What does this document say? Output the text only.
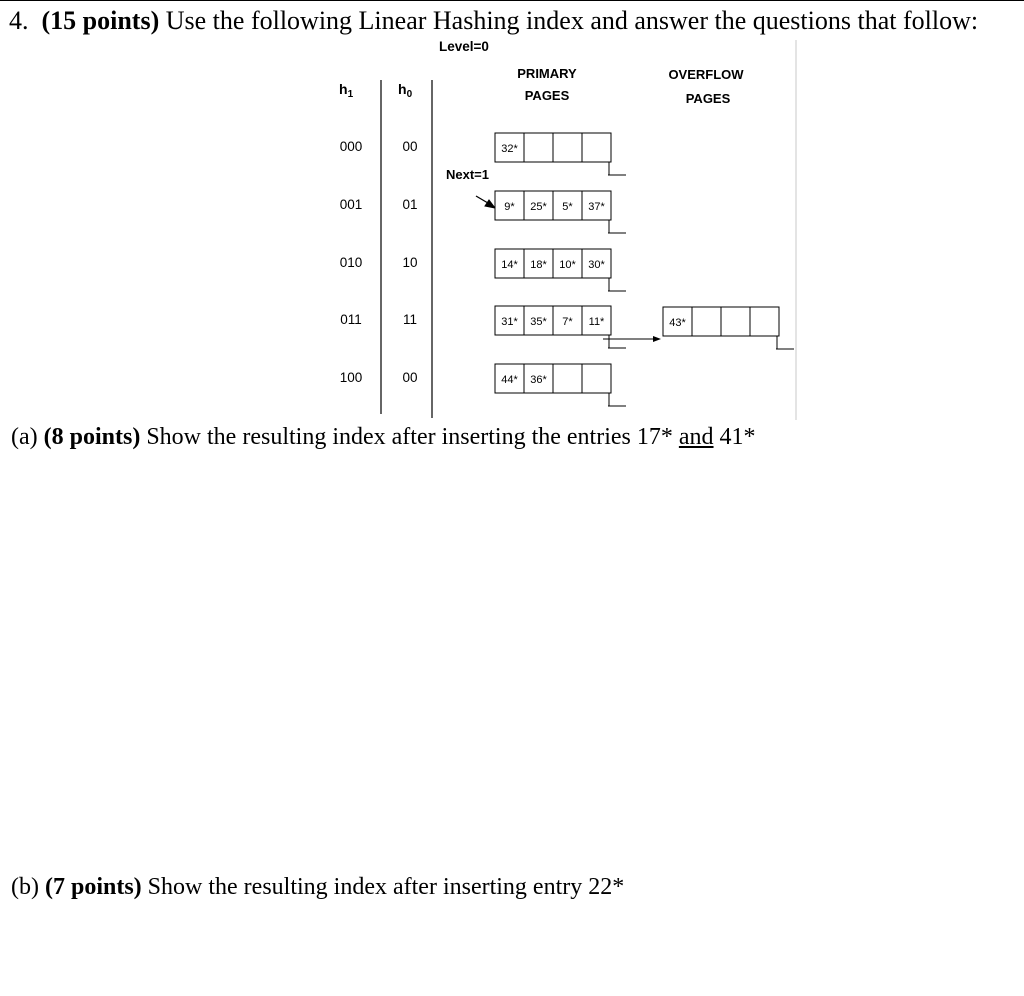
4. (15 points) Use the following Linear Hashing index and answer the questions that follow:
Level=0
$h_1$	$h_0$
PRIMARY
PAGES
OVERFLOW
PAGES
Next=1
000	00	32*
001	01	9* 25* 5* 37*
010	10	14* 18* 10* 30*
011	11	31* 35* 7* 11*	43*
100	00	44* 36*
(a) (8 points) Show the resulting index after inserting the entries 17* and 41*
(b) (7 points) Show the resulting index after inserting entry 22*
